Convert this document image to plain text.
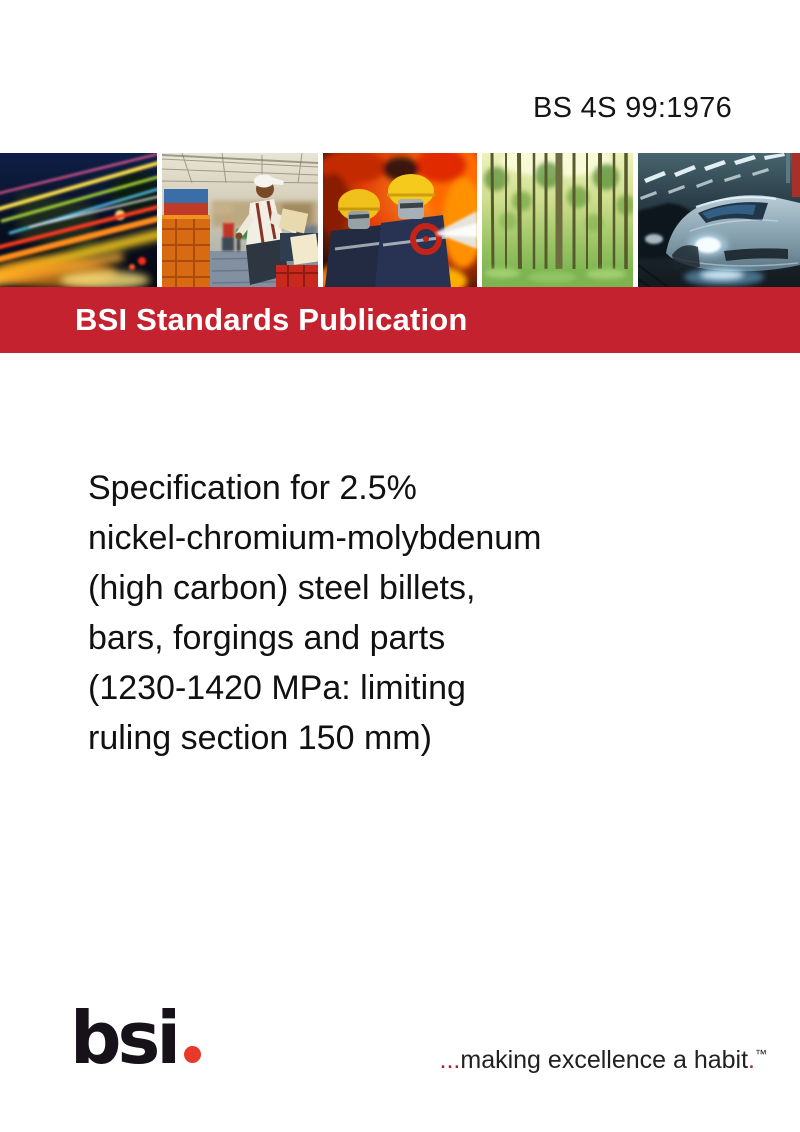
BS 4S 99:1976
BSI Standards Publication
Specification for 2.5%
nickel-chromium-molybdenum
(high carbon) steel billets,
bars, forgings and parts
(1230-1420 MPa: limiting
ruling section 150 mm)
bsi	...making excellence a habit.™
